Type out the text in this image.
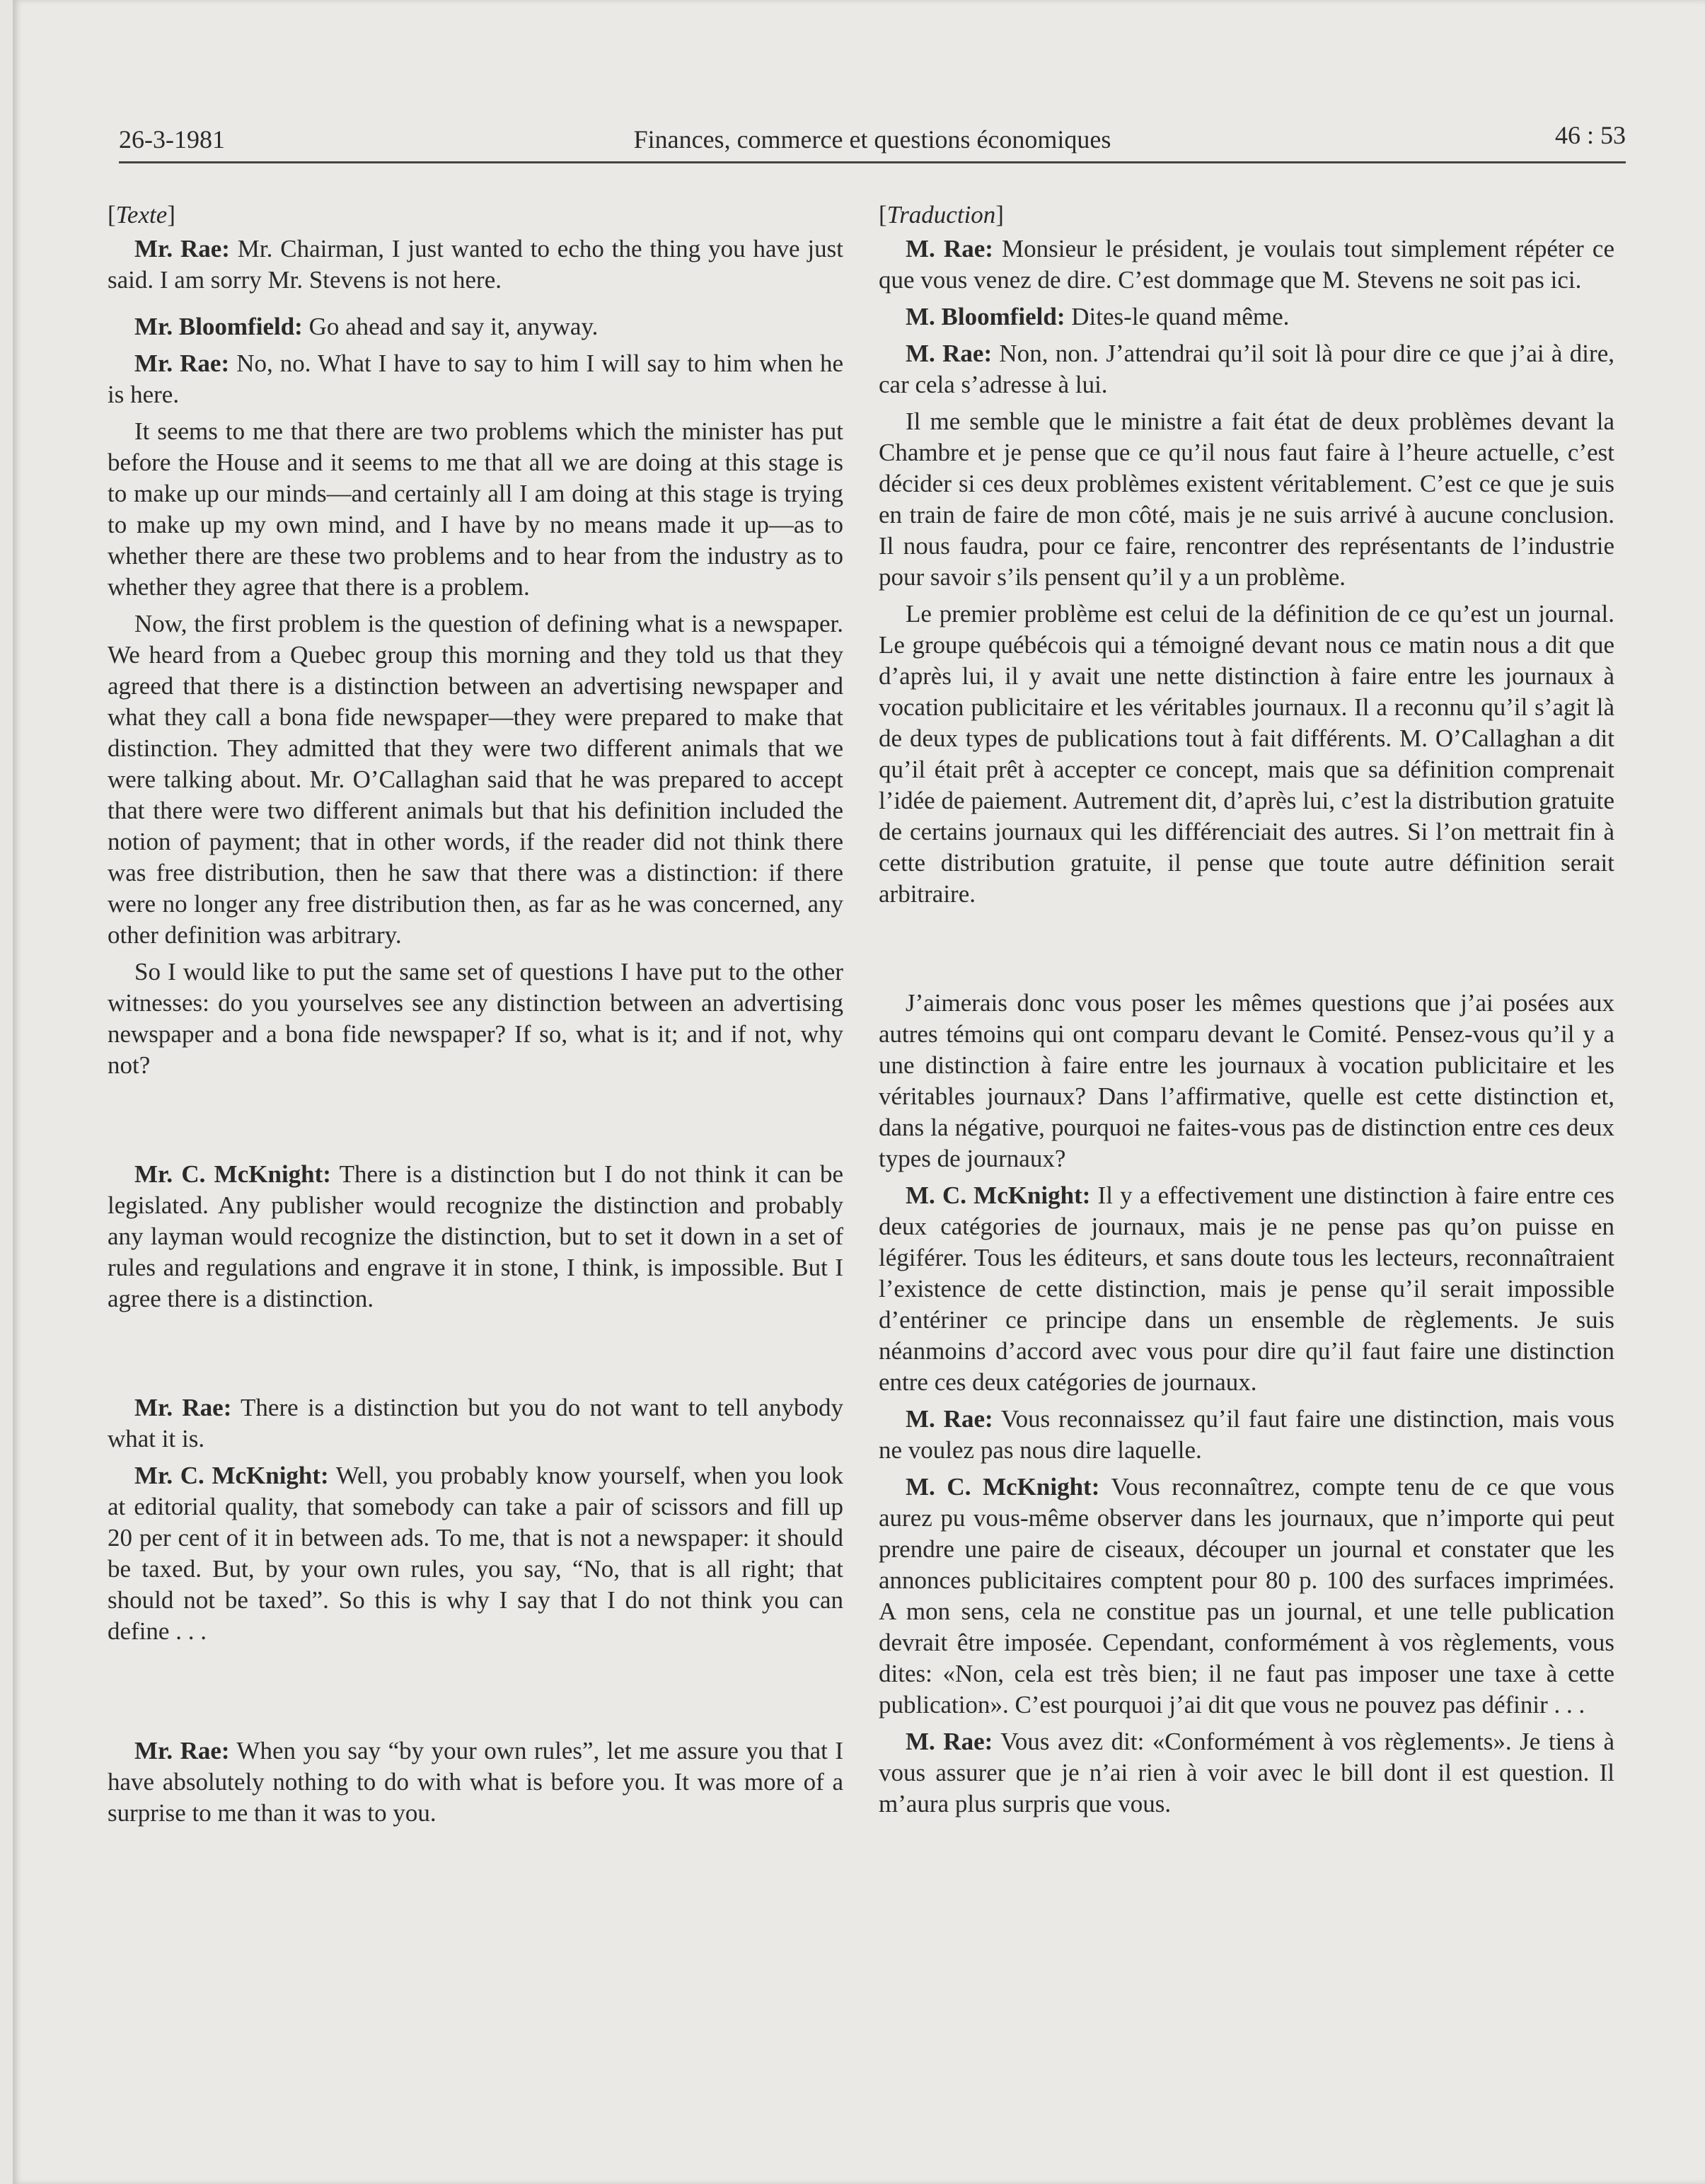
26-3-1981	Finances, commerce et questions économiques	46 : 53

[Texte]

Mr. Rae: Mr. Chairman, I just wanted to echo the thing you have just said. I am sorry Mr. Stevens is not here.

Mr. Bloomfield: Go ahead and say it, anyway.

Mr. Rae: No, no. What I have to say to him I will say to him when he is here.

It seems to me that there are two problems which the minister has put before the House and it seems to me that all we are doing at this stage is to make up our minds—and certainly all I am doing at this stage is trying to make up my own mind, and I have by no means made it up—as to whether there are these two problems and to hear from the industry as to whether they agree that there is a problem.

Now, the first problem is the question of defining what is a newspaper. We heard from a Quebec group this morning and they told us that they agreed that there is a distinction between an advertising newspaper and what they call a bona fide newspaper—they were prepared to make that distinction. They admitted that they were two different animals that we were talking about. Mr. O’Callaghan said that he was prepared to accept that there were two different animals but that his definition included the notion of payment; that in other words, if the reader did not think there was free distribution, then he saw that there was a distinction: if there were no longer any free distribution then, as far as he was concerned, any other definition was arbitrary.

So I would like to put the same set of questions I have put to the other witnesses: do you yourselves see any distinction between an advertising newspaper and a bona fide newspaper? If so, what is it; and if not, why not?

Mr. C. McKnight: There is a distinction but I do not think it can be legislated. Any publisher would recognize the distinction and probably any layman would recognize the distinction, but to set it down in a set of rules and regulations and engrave it in stone, I think, is impossible. But I agree there is a distinction.

Mr. Rae: There is a distinction but you do not want to tell anybody what it is.

Mr. C. McKnight: Well, you probably know yourself, when you look at editorial quality, that somebody can take a pair of scissors and fill up 20 per cent of it in between ads. To me, that is not a newspaper: it should be taxed. But, by your own rules, you say, “No, that is all right; that should not be taxed”. So this is why I say that I do not think you can define . . .

Mr. Rae: When you say “by your own rules”, let me assure you that I have absolutely nothing to do with what is before you. It was more of a surprise to me than it was to you.

[Traduction]

M. Rae: Monsieur le président, je voulais tout simplement répéter ce que vous venez de dire. C’est dommage que M. Stevens ne soit pas ici.

M. Bloomfield: Dites-le quand même.

M. Rae: Non, non. J’attendrai qu’il soit là pour dire ce que j’ai à dire, car cela s’adresse à lui.

Il me semble que le ministre a fait état de deux problèmes devant la Chambre et je pense que ce qu’il nous faut faire à l’heure actuelle, c’est décider si ces deux problèmes existent véritablement. C’est ce que je suis en train de faire de mon côté, mais je ne suis arrivé à aucune conclusion. Il nous faudra, pour ce faire, rencontrer des représentants de l’industrie pour savoir s’ils pensent qu’il y a un problème.

Le premier problème est celui de la définition de ce qu’est un journal. Le groupe québécois qui a témoigné devant nous ce matin nous a dit que d’après lui, il y avait une nette distinction à faire entre les journaux à vocation publicitaire et les véritables journaux. Il a reconnu qu’il s’agit là de deux types de publications tout à fait différents. M. O’Callaghan a dit qu’il était prêt à accepter ce concept, mais que sa définition comprenait l’idée de paiement. Autrement dit, d’après lui, c’est la distribution gratuite de certains journaux qui les différenciait des autres. Si l’on mettrait fin à cette distribution gratuite, il pense que toute autre définition serait arbitraire.

J’aimerais donc vous poser les mêmes questions que j’ai posées aux autres témoins qui ont comparu devant le Comité. Pensez-vous qu’il y a une distinction à faire entre les journaux à vocation publicitaire et les véritables journaux? Dans l’affirmative, quelle est cette distinction et, dans la négative, pourquoi ne faites-vous pas de distinction entre ces deux types de journaux?

M. C. McKnight: Il y a effectivement une distinction à faire entre ces deux catégories de journaux, mais je ne pense pas qu’on puisse en légiférer. Tous les éditeurs, et sans doute tous les lecteurs, reconnaîtraient l’existence de cette distinction, mais je pense qu’il serait impossible d’entériner ce principe dans un ensemble de règlements. Je suis néanmoins d’accord avec vous pour dire qu’il faut faire une distinction entre ces deux catégories de journaux.

M. Rae: Vous reconnaissez qu’il faut faire une distinction, mais vous ne voulez pas nous dire laquelle.

M. C. McKnight: Vous reconnaîtrez, compte tenu de ce que vous aurez pu vous-même observer dans les journaux, que n’importe qui peut prendre une paire de ciseaux, découper un journal et constater que les annonces publicitaires comptent pour 80 p. 100 des surfaces imprimées. A mon sens, cela ne constitue pas un journal, et une telle publication devrait être imposée. Cependant, conformément à vos règlements, vous dites: «Non, cela est très bien; il ne faut pas imposer une taxe à cette publication». C’est pourquoi j’ai dit que vous ne pouvez pas définir . . .

M. Rae: Vous avez dit: «Conformément à vos règlements». Je tiens à vous assurer que je n’ai rien à voir avec le bill dont il est question. Il m’aura plus surpris que vous.
